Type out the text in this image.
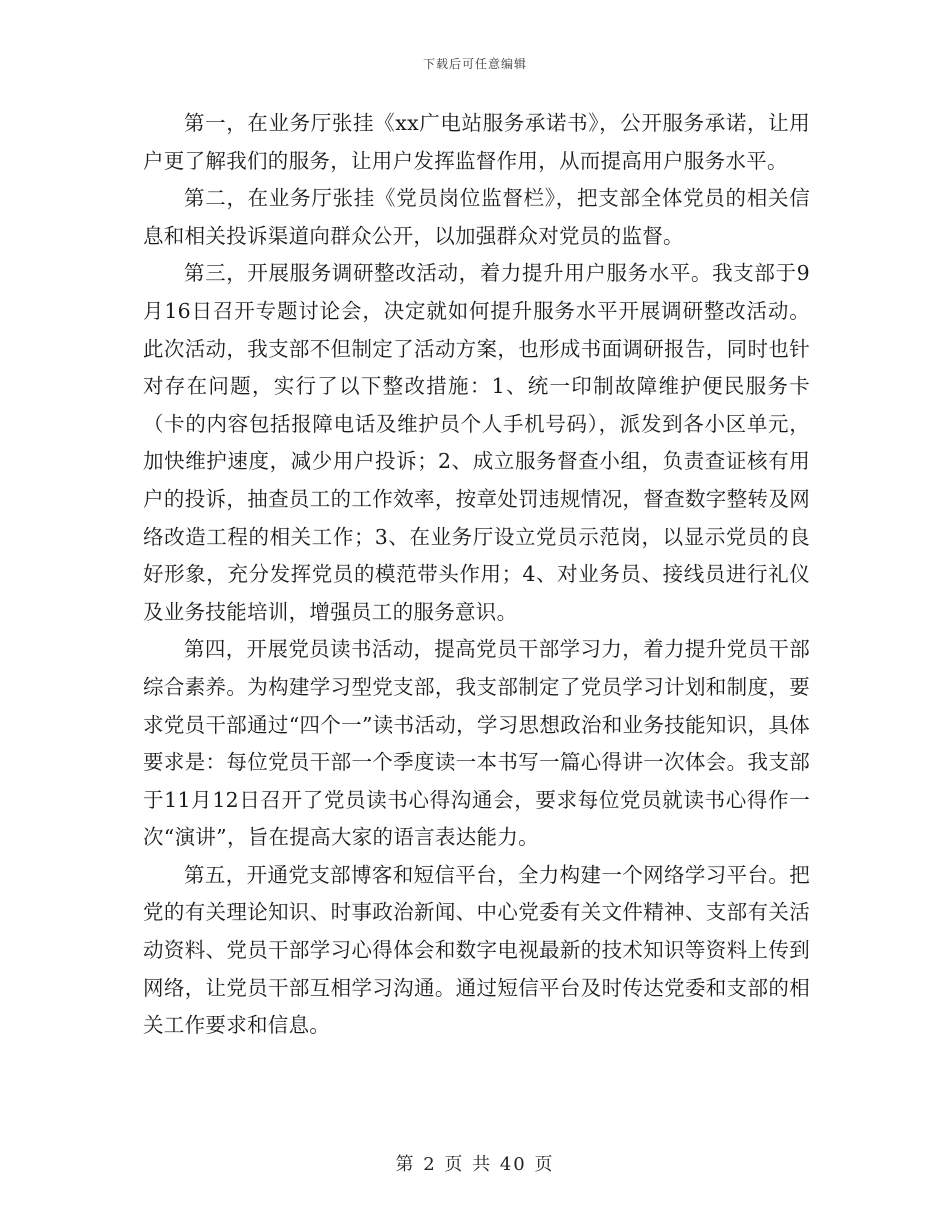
下载后可任意编辑

第一，在业务厅张挂《xx广电站服务承诺书》，公开服务承诺，让用户更了解我们的服务，让用户发挥监督作用，从而提高用户服务水平。

第二，在业务厅张挂《党员岗位监督栏》，把支部全体党员的相关信息和相关投诉渠道向群众公开，以加强群众对党员的监督。

第三，开展服务调研整改活动，着力提升用户服务水平。我支部于9月16日召开专题讨论会，决定就如何提升服务水平开展调研整改活动。此次活动，我支部不但制定了活动方案，也形成书面调研报告，同时也针对存在问题，实行了以下整改措施：1、统一印制故障维护便民服务卡（卡的内容包括报障电话及维护员个人手机号码），派发到各小区单元，加快维护速度，减少用户投诉；2、成立服务督查小组，负责查证核有用户的投诉，抽查员工的工作效率，按章处罚违规情况，督查数字整转及网络改造工程的相关工作；3、在业务厅设立党员示范岗，以显示党员的良好形象，充分发挥党员的模范带头作用；4、对业务员、接线员进行礼仪及业务技能培训，增强员工的服务意识。

第四，开展党员读书活动，提高党员干部学习力，着力提升党员干部综合素养。为构建学习型党支部，我支部制定了党员学习计划和制度，要求党员干部通过“四个一”读书活动，学习思想政治和业务技能知识，具体要求是：每位党员干部一个季度读一本书写一篇心得讲一次体会。我支部于11月12日召开了党员读书心得沟通会，要求每位党员就读书心得作一次“演讲”，旨在提高大家的语言表达能力。

第五，开通党支部博客和短信平台，全力构建一个网络学习平台。把党的有关理论知识、时事政治新闻、中心党委有关文件精神、支部有关活动资料、党员干部学习心得体会和数字电视最新的技术知识等资料上传到网络，让党员干部互相学习沟通。通过短信平台及时传达党委和支部的相关工作要求和信息。

第 2 页 共 40 页
